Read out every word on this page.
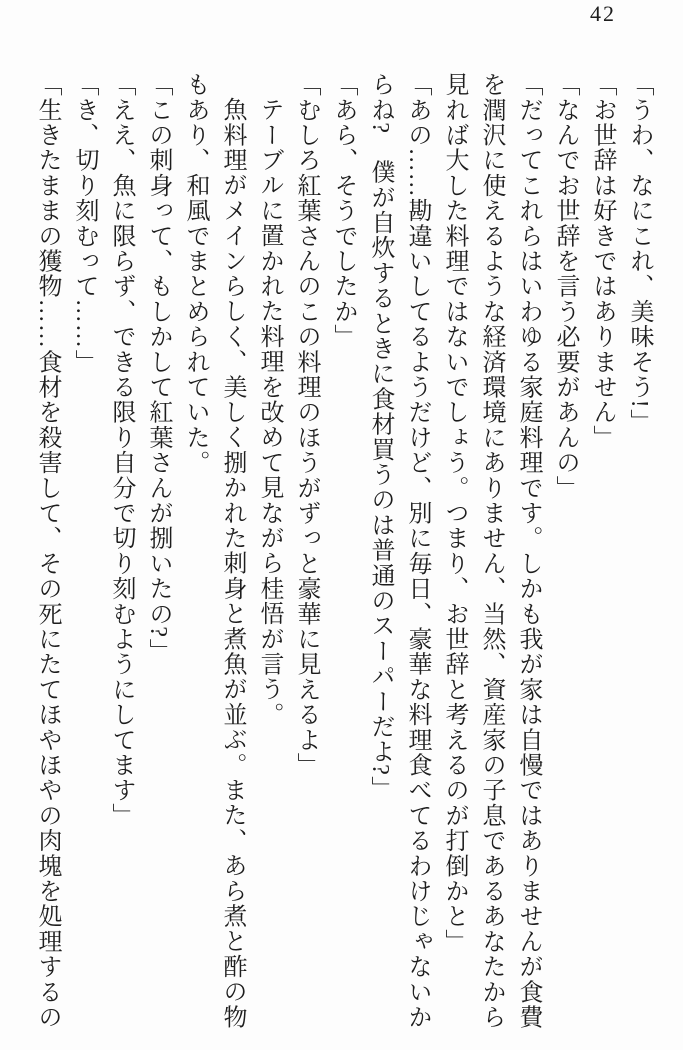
42

「うわ、なにこれ、美味そう!」

「お世辞は好きではありません」

「なんでお世辞を言う必要があんの」

「だってこれらはいわゆる家庭料理です。しかも我が家は自慢ではありませんが食費を潤沢に使えるような経済環境にありません、当然、資産家の子息であるあなたから見れば大した料理ではないでしょう。つまり、お世辞と考えるのが打倒かと」

「あの……勘違いしてるようだけど、別に毎日、豪華な料理食べてるわけじゃないからね?　僕が自炊するときに食材買うのは普通のスーパーだよ?」

「あら、そうでしたか」

「むしろ紅葉さんのこの料理のほうがずっと豪華に見えるよ」

テーブルに置かれた料理を改めて見ながら桂悟が言う。

魚料理がメインらしく、美しく捌かれた刺身と煮魚が並ぶ。また、あら煮と酢の物もあり、和風でまとめられていた。

「この刺身って、もしかして紅葉さんが捌いたの?」

「ええ、魚に限らず、できる限り自分で切り刻むようにしてます」

「き、切り刻むって……」

「生きたままの獲物……食材を殺害して、その死にたてほやほやの肉塊を処理するの
